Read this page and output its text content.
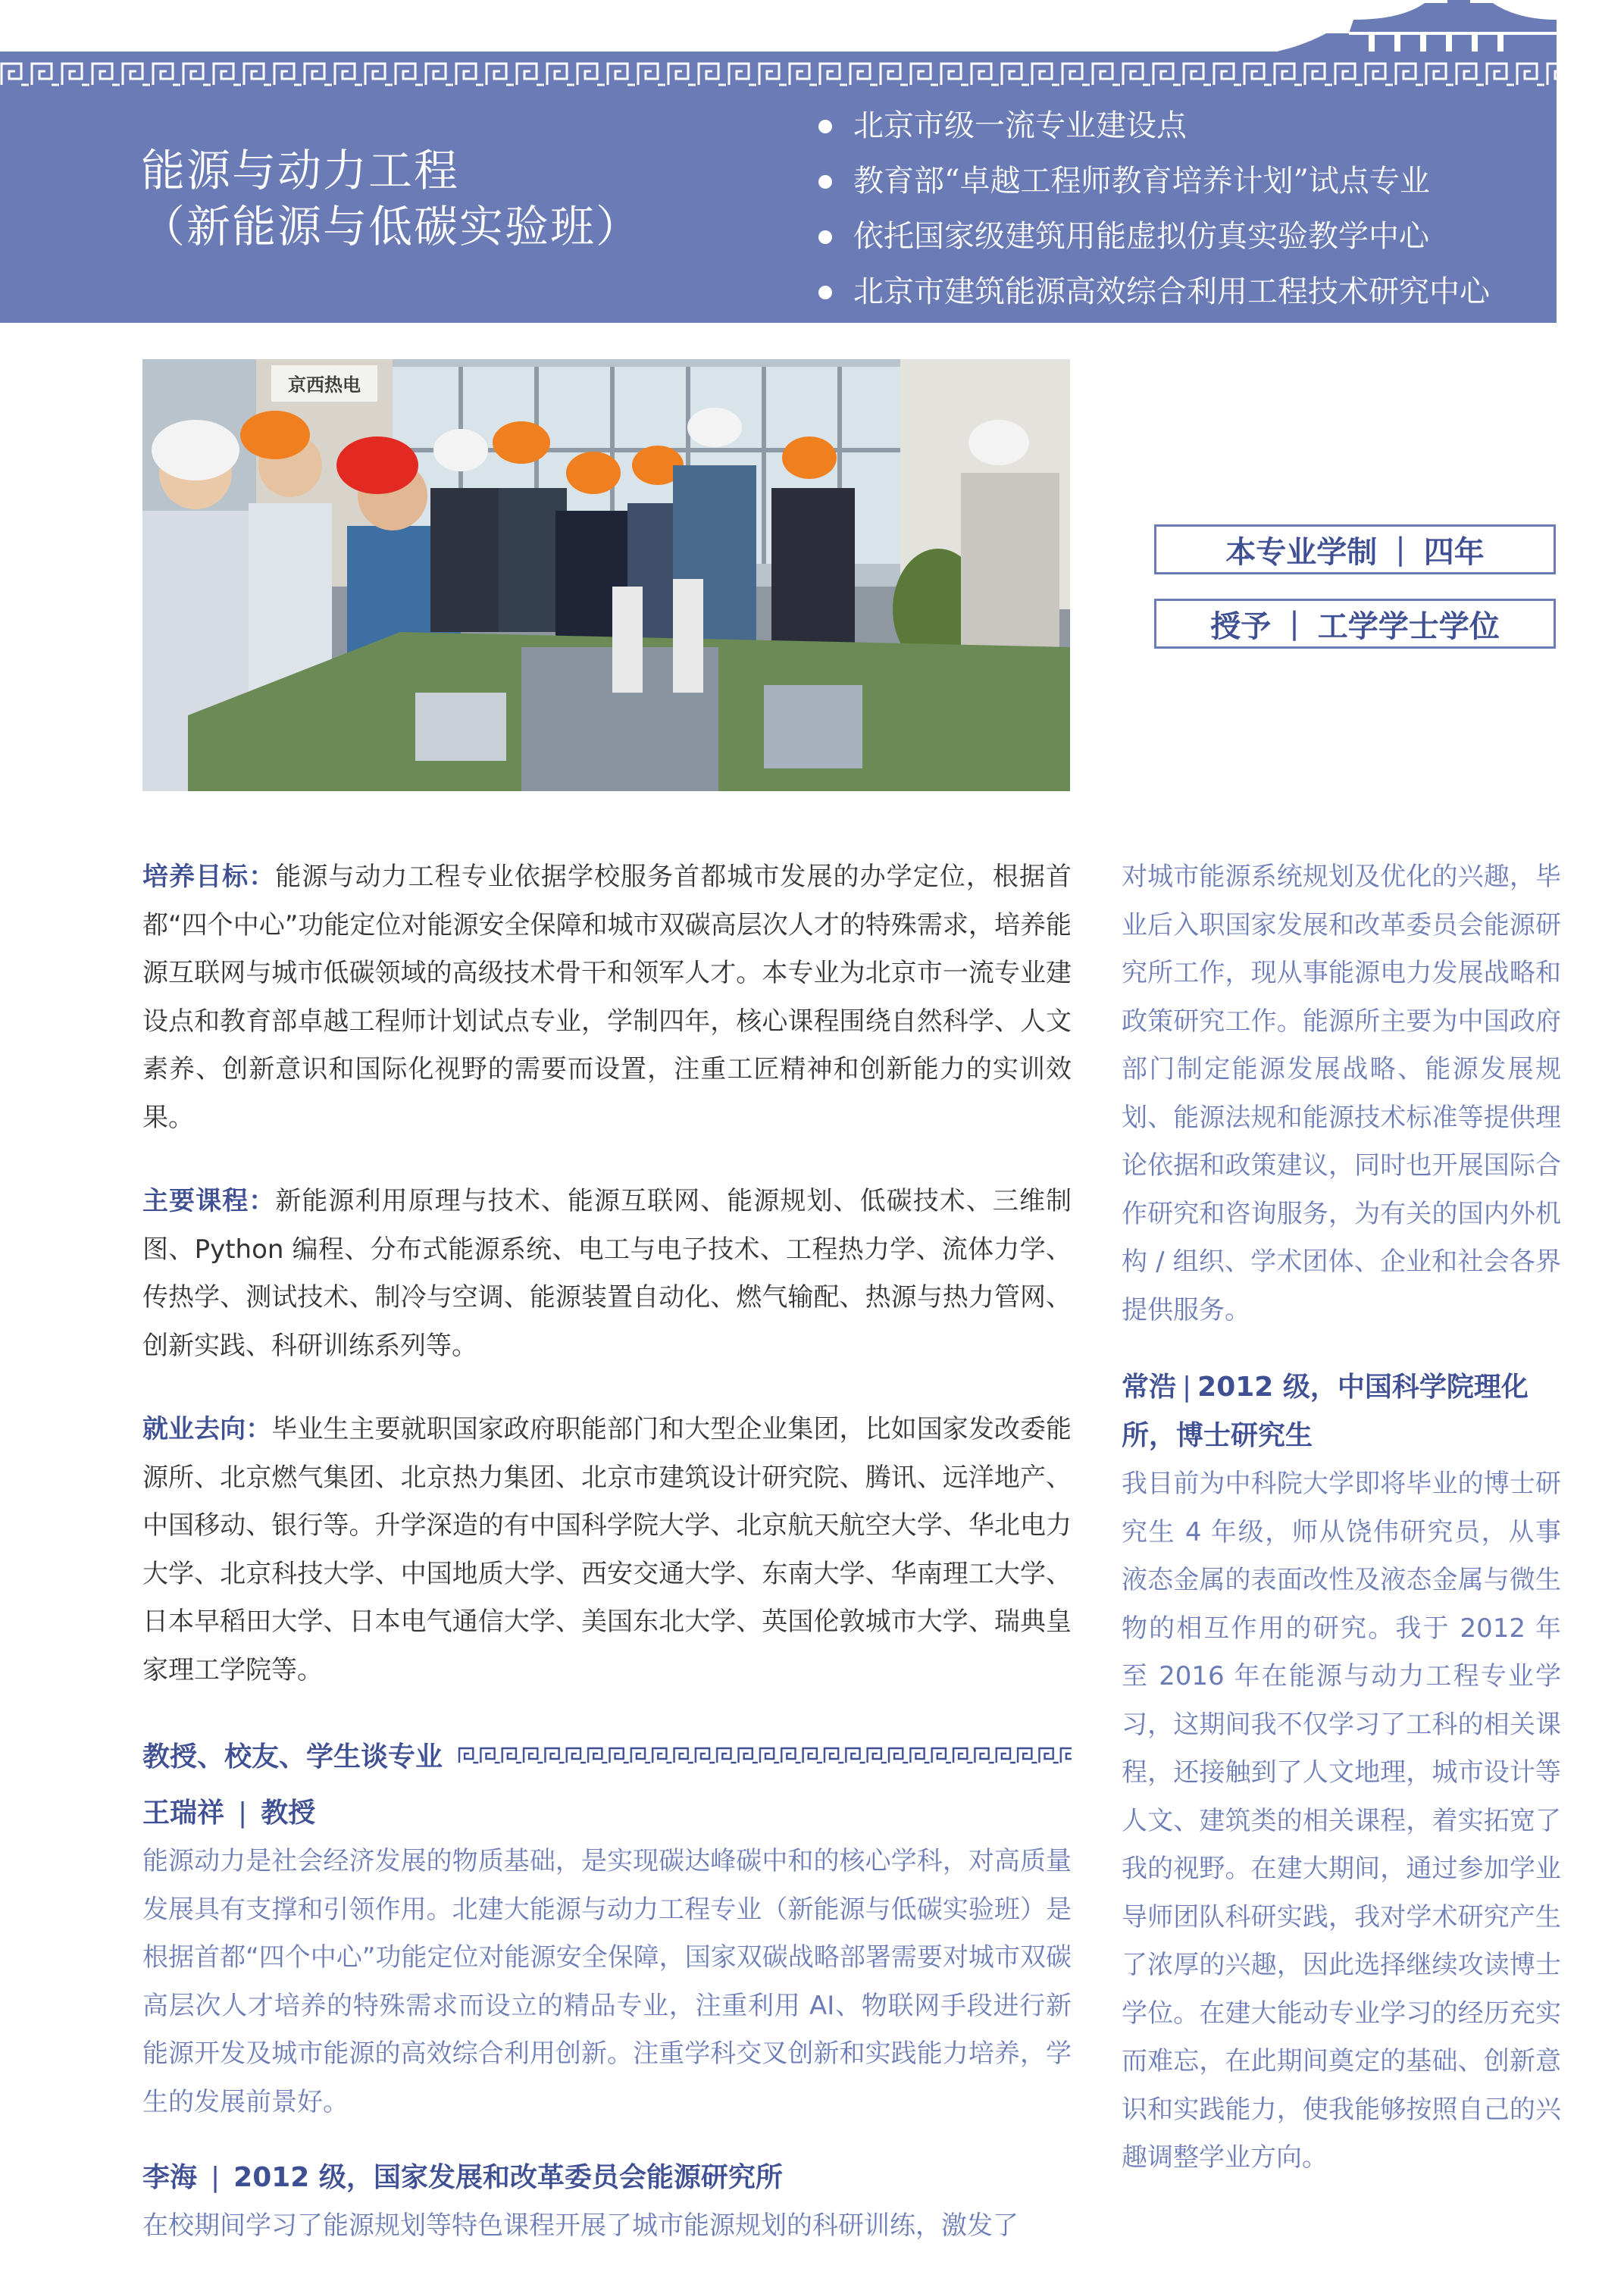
能源与动力工程
（新能源与低碳实验班）
北京市级一流专业建设点
教育部“卓越工程师教育培养计划”试点专业
依托国家级建筑用能虚拟仿真实验教学中心
北京市建筑能源高效综合利用工程技术研究中心
京西热电
本专业学制 | 四年
授予 | 工学学士学位

培养目标：能源与动力工程专业依据学校服务首都城市发展的办学定位，根据首都“四个中心”功能定位对能源安全保障和城市双碳高层次人才的特殊需求，培养能源互联网与城市低碳领域的高级技术骨干和领军人才。本专业为北京市一流专业建设点和教育部卓越工程师计划试点专业，学制四年，核心课程围绕自然科学、人文素养、创新意识和国际化视野的需要而设置，注重工匠精神和创新能力的实训效果。

主要课程：新能源利用原理与技术、能源互联网、能源规划、低碳技术、三维制图、Python 编程、分布式能源系统、电工与电子技术、工程热力学、流体力学、传热学、测试技术、制冷与空调、能源装置自动化、燃气输配、热源与热力管网、创新实践、科研训练系列等。

就业去向：毕业生主要就职国家政府职能部门和大型企业集团，比如国家发改委能源所、北京燃气集团、北京热力集团、北京市建筑设计研究院、腾讯、远洋地产、中国移动、银行等。升学深造的有中国科学院大学、北京航天航空大学、华北电力大学、北京科技大学、中国地质大学、西安交通大学、东南大学、华南理工大学、日本早稻田大学、日本电气通信大学、美国东北大学、英国伦敦城市大学、瑞典皇家理工学院等。

教授、校友、学生谈专业

王瑞祥 | 教授

能源动力是社会经济发展的物质基础，是实现碳达峰碳中和的核心学科，对高质量发展具有支撑和引领作用。北建大能源与动力工程专业（新能源与低碳实验班）是根据首都“四个中心”功能定位对能源安全保障，国家双碳战略部署需要对城市双碳高层次人才培养的特殊需求而设立的精品专业，注重利用 AI、物联网手段进行新能源开发及城市能源的高效综合利用创新。注重学科交叉创新和实践能力培养，学生的发展前景好。

李海 | 2012 级，国家发展和改革委员会能源研究所

在校期间学习了能源规划等特色课程开展了城市能源规划的科研训练，激发了

对城市能源系统规划及优化的兴趣，毕业后入职国家发展和改革委员会能源研究所工作，现从事能源电力发展战略和政策研究工作。能源所主要为中国政府部门制定能源发展战略、能源发展规划、能源法规和能源技术标准等提供理论依据和政策建议，同时也开展国际合作研究和咨询服务，为有关的国内外机构 / 组织、学术团体、企业和社会各界提供服务。

常浩 | 2012 级，中国科学院理化所，博士研究生

我目前为中科院大学即将毕业的博士研究生 4 年级，师从饶伟研究员，从事液态金属的表面改性及液态金属与微生物的相互作用的研究。我于 2012 年至 2016 年在能源与动力工程专业学习，这期间我不仅学习了工科的相关课程，还接触到了人文地理，城市设计等人文、建筑类的相关课程，着实拓宽了我的视野。在建大期间，通过参加学业导师团队科研实践，我对学术研究产生了浓厚的兴趣，因此选择继续攻读博士学位。在建大能动专业学习的经历充实而难忘，在此期间奠定的基础、创新意识和实践能力，使我能够按照自己的兴趣调整学业方向。
